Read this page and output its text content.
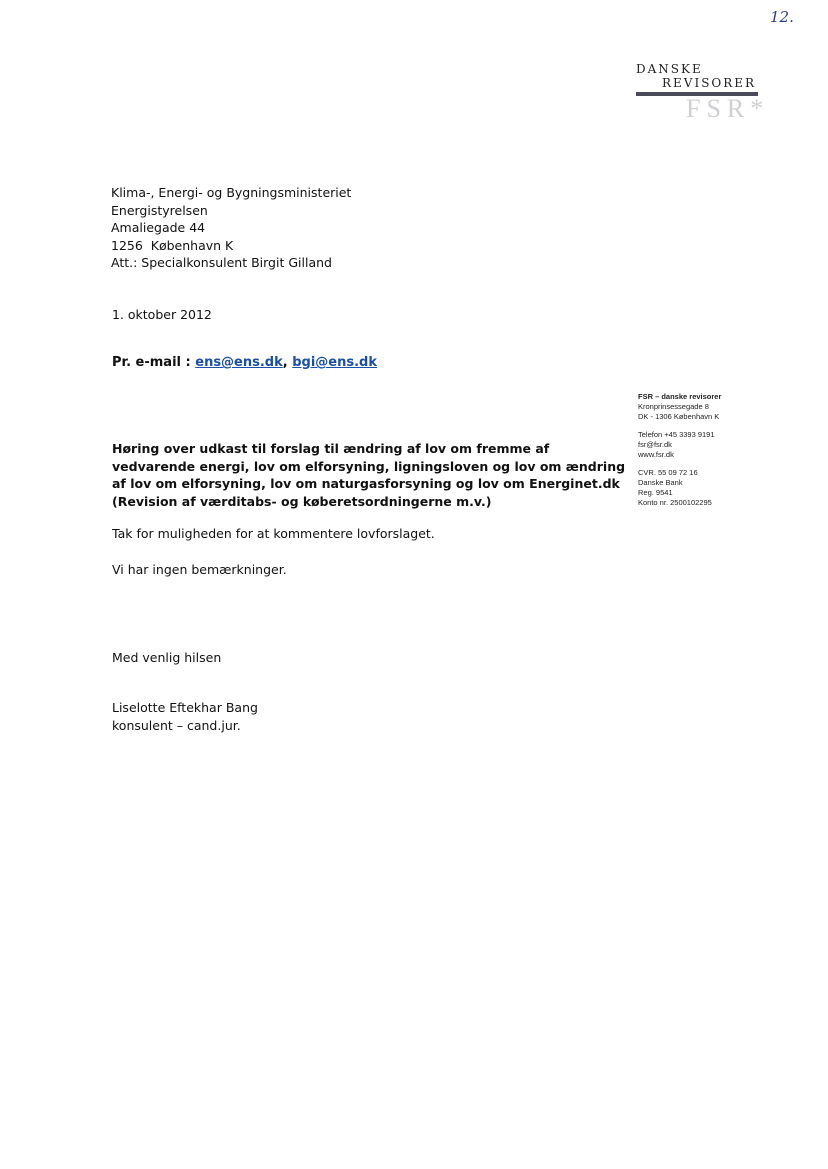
12.
DANSKE
REVISORER
FSR*
Klima-, Energi- og Bygningsministeriet
Energistyrelsen
Amaliegade 44
1256  København K
Att.: Specialkonsulent Birgit Gilland
1. oktober 2012
Pr. e-mail : ens@ens.dk, bgi@ens.dk
FSR – danske revisorer
Kronprinsessegade 8
DK - 1306 København K
Telefon +45 3393 9191
fsr@fsr.dk
www.fsr.dk
CVR. 55 09 72 16
Danske Bank
Reg. 9541
Konto nr. 2500102295
Høring over udkast til forslag til ændring af lov om fremme af
vedvarende energi, lov om elforsyning, ligningsloven og lov om ændring
af lov om elforsyning, lov om naturgasforsyning og lov om Energinet.dk
(Revision af værditabs- og køberetsordningerne m.v.)
Tak for muligheden for at kommentere lovforslaget.
Vi har ingen bemærkninger.
Med venlig hilsen
Liselotte Eftekhar Bang
konsulent – cand.jur.
